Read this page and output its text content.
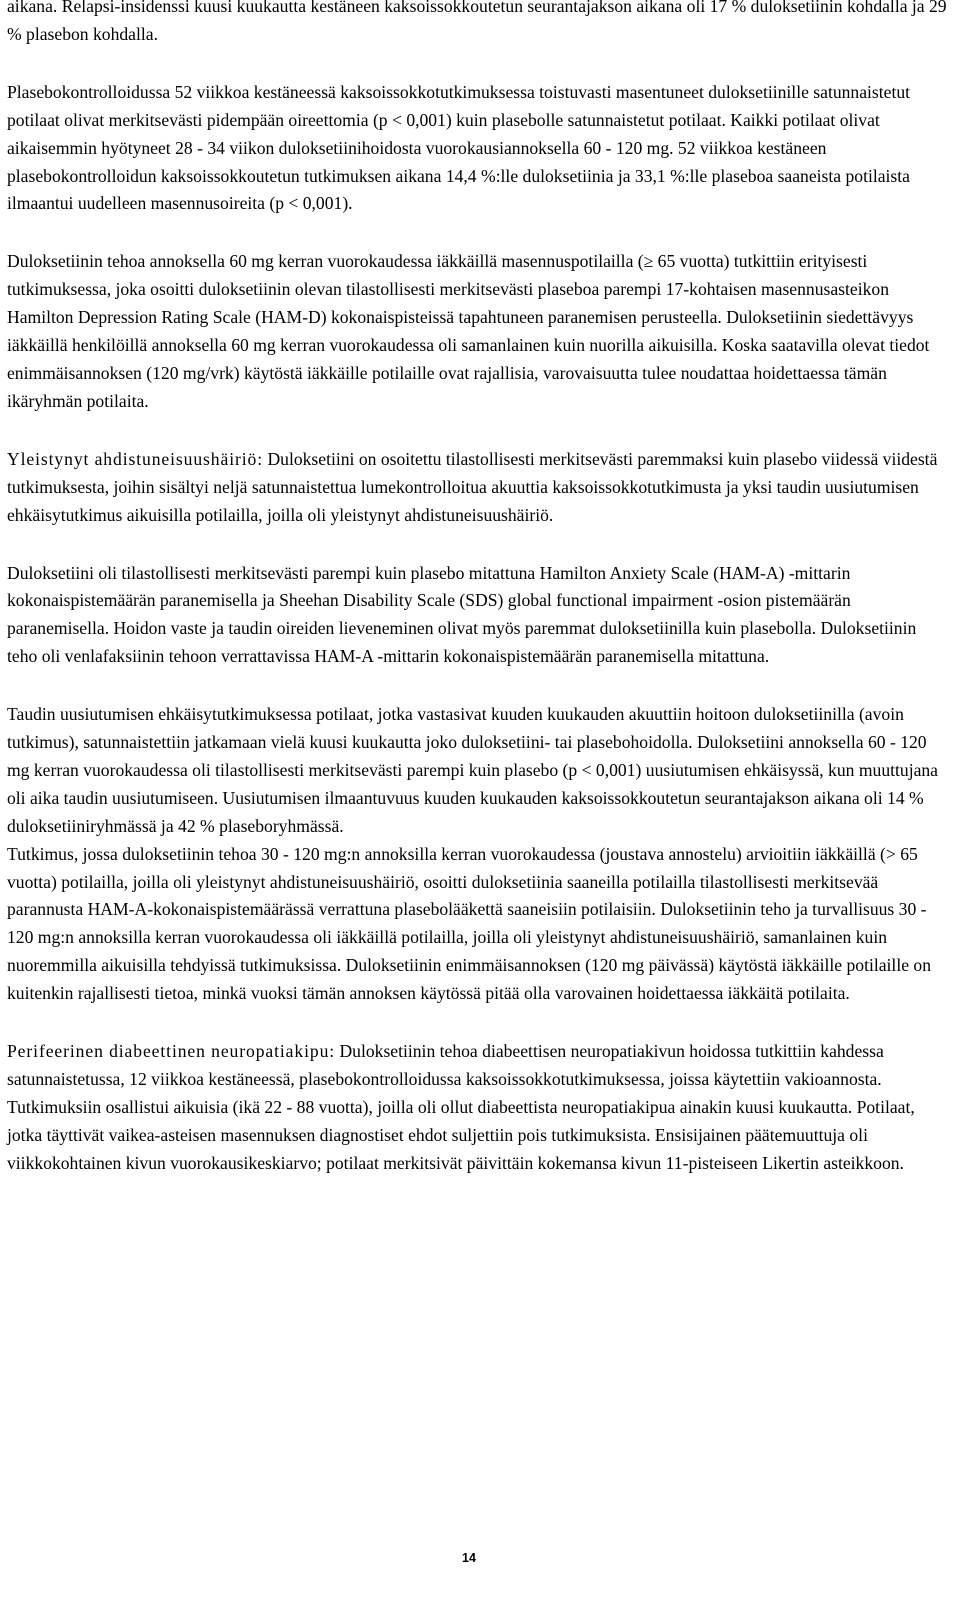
aikana. Relapsi-insidenssi kuusi kuukautta kestäneen kaksoissokkoutetun seurantajakson aikana oli 17 % duloksetiinin kohdalla ja 29 % plasebon kohdalla.

Plasebokontrolloidussa 52 viikkoa kestäneessä kaksoissokkotutkimuksessa toistuvasti masentuneet duloksetiinille satunnaistetut potilaat olivat merkitsevästi pidempään oireettomia (p < 0,001) kuin plasebolle satunnaistetut potilaat. Kaikki potilaat olivat aikaisemmin hyötyneet 28 - 34 viikon duloksetiinihoidosta vuorokausiannoksella 60 - 120 mg. 52 viikkoa kestäneen plasebokontrolloidun kaksoissokkoutetun tutkimuksen aikana 14,4 %:lle duloksetiinia ja 33,1 %:lle plaseboa saaneista potilaista ilmaantui uudelleen masennusoireita (p < 0,001).

Duloksetiinin tehoa annoksella 60 mg kerran vuorokaudessa iäkkäillä masennuspotilailla (≥ 65 vuotta) tutkittiin erityisesti tutkimuksessa, joka osoitti duloksetiinin olevan tilastollisesti merkitsevästi plaseboa parempi 17-kohtaisen masennusasteikon Hamilton Depression Rating Scale (HAM-D) kokonaispisteissä tapahtuneen paranemisen perusteella. Duloksetiinin siedettävyys iäkkäillä henkilöillä annoksella 60 mg kerran vuorokaudessa oli samanlainen kuin nuorilla aikuisilla. Koska saatavilla olevat tiedot enimmäisannoksen (120 mg/vrk) käytöstä iäkkäille potilaille ovat rajallisia, varovaisuutta tulee noudattaa hoidettaessa tämän ikäryhmän potilaita.

Yleistynyt ahdistuneisuushäiriö: Duloksetiini on osoitettu tilastollisesti merkitsevästi paremmaksi kuin plasebo viidessä viidestä tutkimuksesta, joihin sisältyi neljä satunnaistettua lumekontrolloitua akuuttia kaksoissokkotutkimusta ja yksi taudin uusiutumisen ehkäisytutkimus aikuisilla potilailla, joilla oli yleistynyt ahdistuneisuushäiriö.

Duloksetiini oli tilastollisesti merkitsevästi parempi kuin plasebo mitattuna Hamilton Anxiety Scale (HAM-A) -mittarin kokonaispistemäärän paranemisella ja Sheehan Disability Scale (SDS) global functional impairment -osion pistemäärän paranemisella. Hoidon vaste ja taudin oireiden lieveneminen olivat myös paremmat duloksetiinilla kuin plasebolla. Duloksetiinin teho oli venlafaksiinin tehoon verrattavissa HAM-A -mittarin kokonaispistemäärän paranemisella mitattuna.

Taudin uusiutumisen ehkäisytutkimuksessa potilaat, jotka vastasivat kuuden kuukauden akuuttiin hoitoon duloksetiinilla (avoin tutkimus), satunnaistettiin jatkamaan vielä kuusi kuukautta joko duloksetiini- tai plasebohoidolla. Duloksetiini annoksella 60 - 120 mg kerran vuorokaudessa oli tilastollisesti merkitsevästi parempi kuin plasebo (p < 0,001) uusiutumisen ehkäisyssä, kun muuttujana oli aika taudin uusiutumiseen. Uusiutumisen ilmaantuvuus kuuden kuukauden kaksoissokkoutetun seurantajakson aikana oli 14 % duloksetiiniryhmässä ja 42 % plaseboryhmässä.

Tutkimus, jossa duloksetiinin tehoa 30 - 120 mg:n annoksilla kerran vuorokaudessa (joustava annostelu) arvioitiin iäkkäillä (> 65 vuotta) potilailla, joilla oli yleistynyt ahdistuneisuushäiriö, osoitti duloksetiinia saaneilla potilailla tilastollisesti merkitsevää parannusta HAM-A-kokonaispistemäärässä verrattuna plasebolääkettä saaneisiin potilaisiin. Duloksetiinin teho ja turvallisuus 30 - 120 mg:n annoksilla kerran vuorokaudessa oli iäkkäillä potilailla, joilla oli yleistynyt ahdistuneisuushäiriö, samanlainen kuin nuoremmilla aikuisilla tehdyissä tutkimuksissa. Duloksetiinin enimmäisannoksen (120 mg päivässä) käytöstä iäkkäille potilaille on kuitenkin rajallisesti tietoa, minkä vuoksi tämän annoksen käytössä pitää olla varovainen hoidettaessa iäkkäitä potilaita.

Perifeerinen diabeettinen neuropatiakipu: Duloksetiinin tehoa diabeettisen neuropatiakivun hoidossa tutkittiin kahdessa satunnaistetussa, 12 viikkoa kestäneessä, plasebokontrolloidussa kaksoissokkotutkimuksessa, joissa käytettiin vakioannosta. Tutkimuksiin osallistui aikuisia (ikä 22 - 88 vuotta), joilla oli ollut diabeettista neuropatiakipua ainakin kuusi kuukautta. Potilaat, jotka täyttivät vaikea-asteisen masennuksen diagnostiset ehdot suljettiin pois tutkimuksista. Ensisijainen päätemuuttuja oli viikkokohtainen kivun vuorokausikeskiarvo; potilaat merkitsivät päivittäin kokemansa kivun 11-pisteiseen Likertin asteikkoon.

14
